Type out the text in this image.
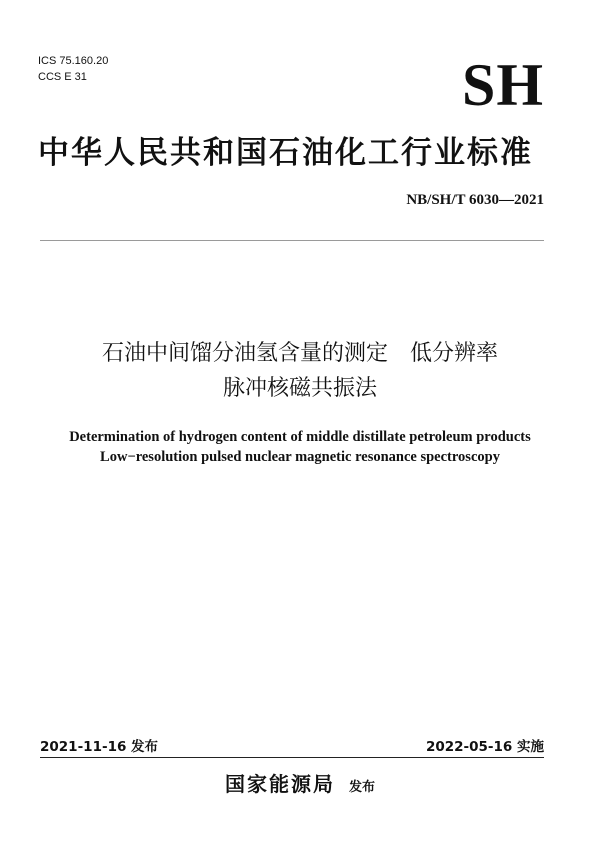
ICS 75.160.20
CCS E 31	SH
中华人民共和国石油化工行业标准
NB/SH/T 6030—2021
石油中间馏分油氢含量的测定　低分辨率
脉冲核磁共振法
Determination of hydrogen content of middle distillate petroleum products
Low−resolution pulsed nuclear magnetic resonance spectroscopy
2021-11-16 发布	2022-05-16 实施
国家能源局 发布
